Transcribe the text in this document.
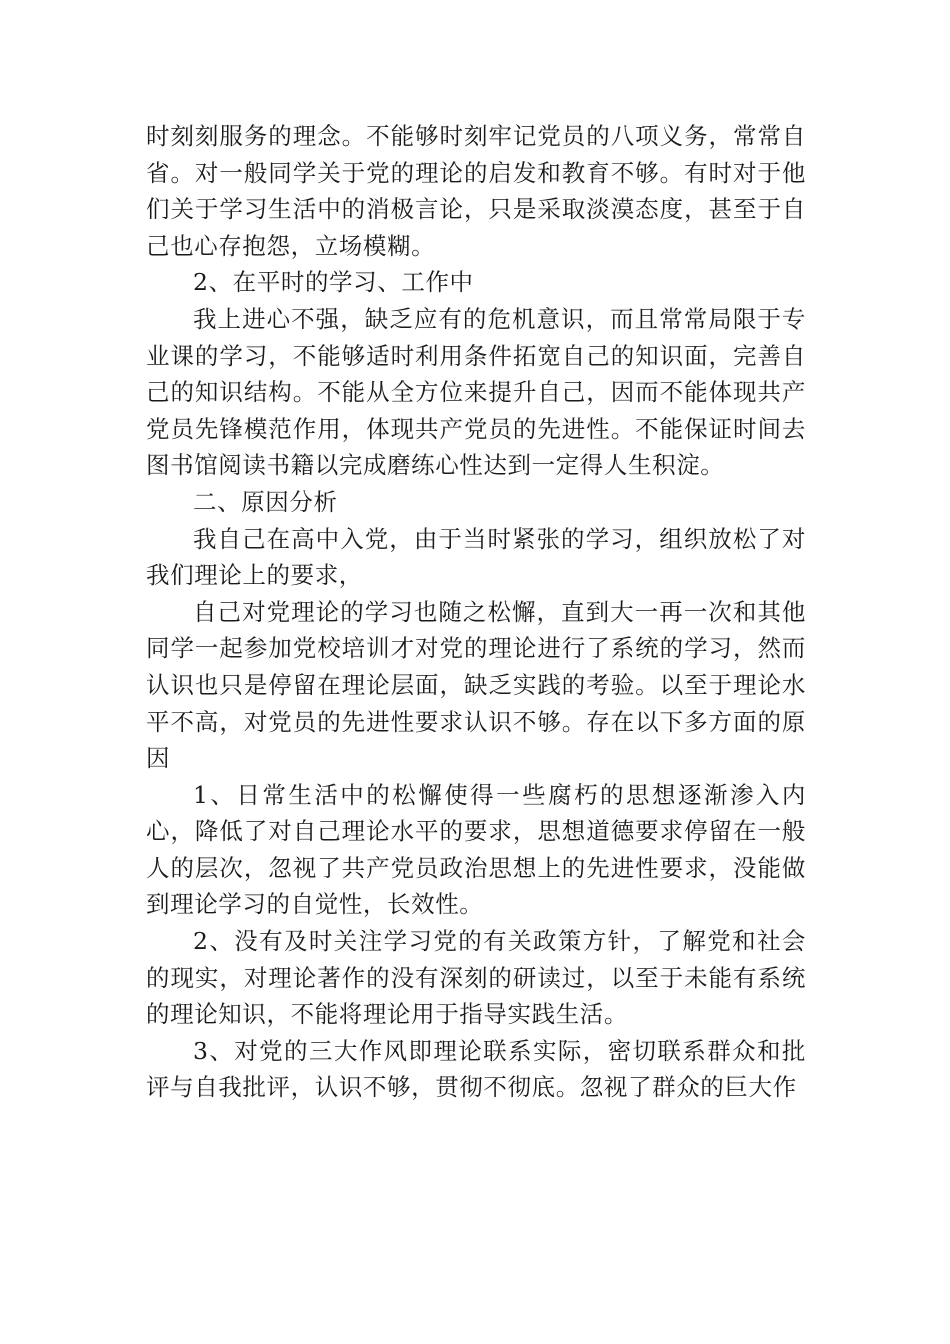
时刻刻服务的理念。不能够时刻牢记党员的八项义务，常常自省。对一般同学关于党的理论的启发和教育不够。有时对于他们关于学习生活中的消极言论，只是采取淡漠态度，甚至于自己也心存抱怨，立场模糊。

2、在平时的学习、工作中

我上进心不强，缺乏应有的危机意识，而且常常局限于专业课的学习，不能够适时利用条件拓宽自己的知识面，完善自己的知识结构。不能从全方位来提升自己，因而不能体现共产党员先锋模范作用，体现共产党员的先进性。不能保证时间去图书馆阅读书籍以完成磨练心性达到一定得人生积淀。

二、原因分析

我自己在高中入党，由于当时紧张的学习，组织放松了对我们理论上的要求，

自己对党理论的学习也随之松懈，直到大一再一次和其他同学一起参加党校培训才对党的理论进行了系统的学习，然而认识也只是停留在理论层面，缺乏实践的考验。以至于理论水平不高，对党员的先进性要求认识不够。存在以下多方面的原因

1、日常生活中的松懈使得一些腐朽的思想逐渐渗入内心，降低了对自己理论水平的要求，思想道德要求停留在一般人的层次，忽视了共产党员政治思想上的先进性要求，没能做到理论学习的自觉性，长效性。

2、没有及时关注学习党的有关政策方针，了解党和社会的现实，对理论著作的没有深刻的研读过，以至于未能有系统的理论知识，不能将理论用于指导实践生活。

3、对党的三大作风即理论联系实际，密切联系群众和批评与自我批评，认识不够，贯彻不彻底。忽视了群众的巨大作
